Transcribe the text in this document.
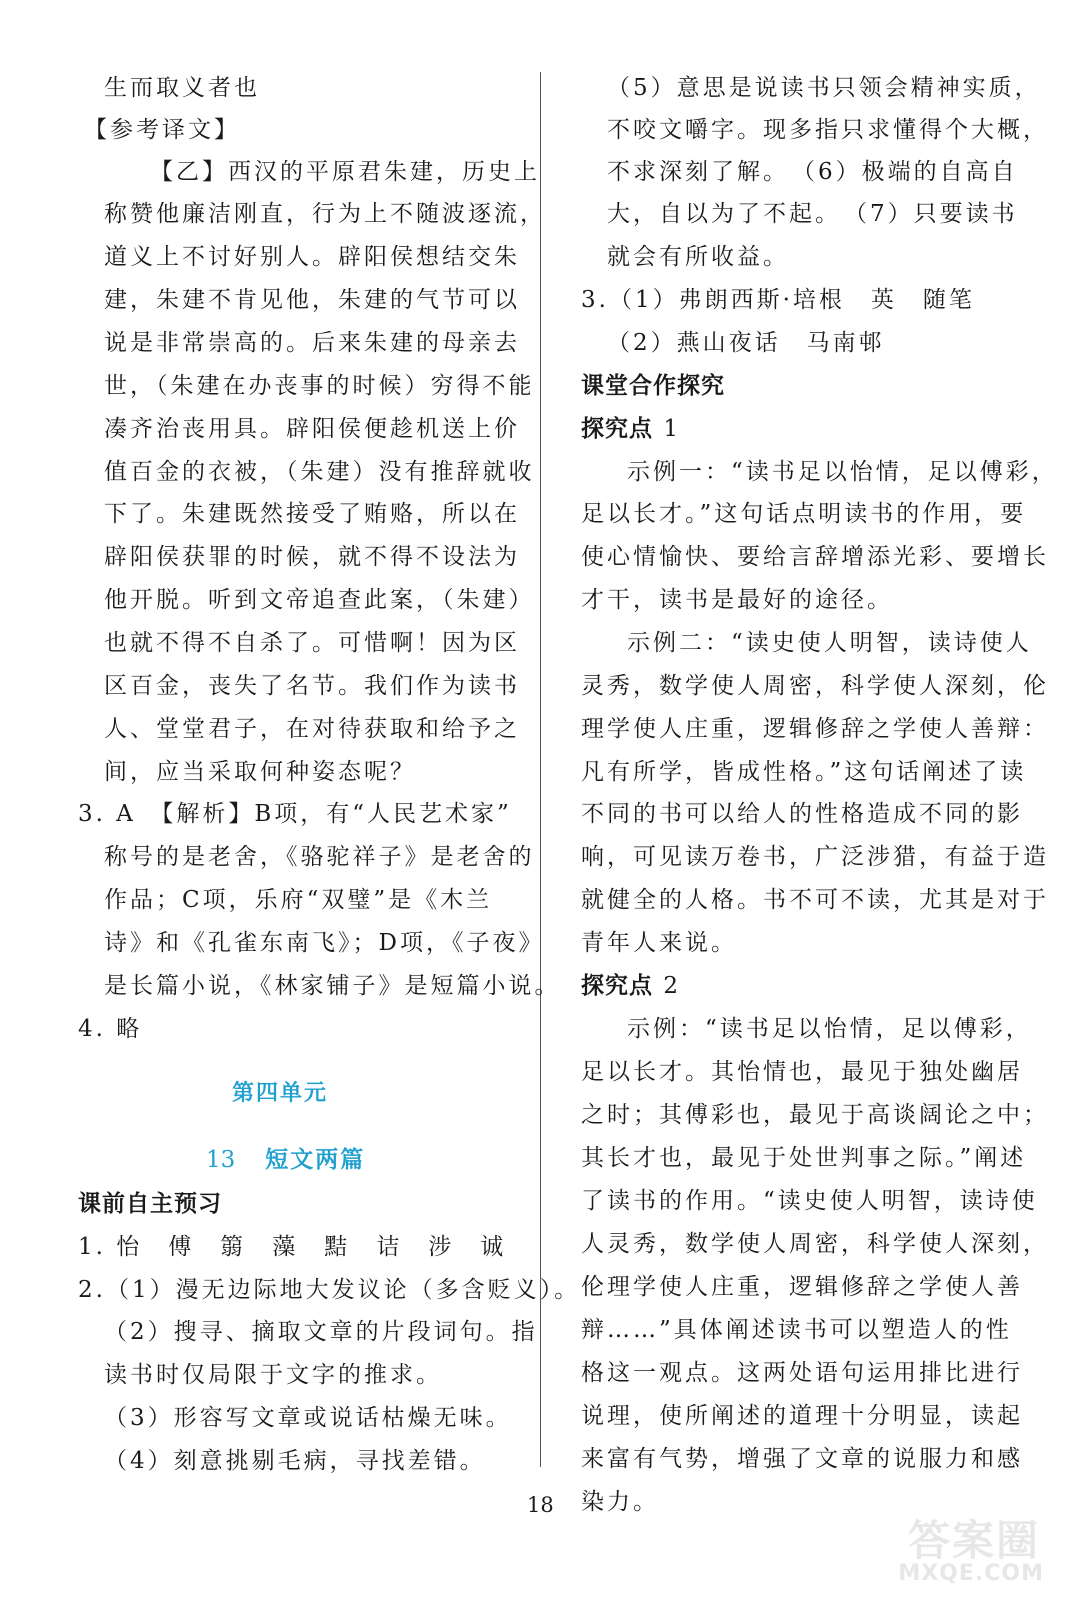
生而取义者也
【参考译文】
【乙】西汉的平原君朱建，历史上
称赞他廉洁刚直，行为上不随波逐流，
道义上不讨好别人。辟阳侯想结交朱
建，朱建不肯见他，朱建的气节可以
说是非常崇高的。后来朱建的母亲去
世，（朱建在办丧事的时候）穷得不能
凑齐治丧用具。辟阳侯便趁机送上价
值百金的衣被，（朱建）没有推辞就收
下了。朱建既然接受了贿赂，所以在
辟阳侯获罪的时候，就不得不设法为
他开脱。听到文帝追查此案，（朱建）
也就不得不自杀了。可惜啊！因为区
区百金，丧失了名节。我们作为读书
人、堂堂君子，在对待获取和给予之
间，应当采取何种姿态呢？
3. A　【解析】B项，有“人民艺术家”
称号的是老舍，《骆驼祥子》是老舍的
作品；C项，乐府“双璧”是《木兰
诗》和《孔雀东南飞》；D项，《子夜》
是长篇小说，《林家铺子》是短篇小说。
4. 略
第四单元
13 短文两篇
课前自主预习
1. 怡　傅　篛　藻　黠　诘　涉　诚
2.（1）漫无边际地大发议论（多含贬义）。
（2）搜寻、摘取文章的片段词句。指
读书时仅局限于文字的推求。
（3）形容写文章或说话枯燥无味。
（4）刻意挑剔毛病，寻找差错。
（5）意思是说读书只领会精神实质，
不咬文嚼字。现多指只求懂得个大概，
不求深刻了解。　（6）极端的自高自
大，自以为了不起。　（7）只要读书
就会有所收益。
3.（1）弗朗西斯·培根　英　随笔
（2）燕山夜话　马南邨
课堂合作探究
探究点 1
示例一：“读书足以怡情，足以傅彩，
足以长才。”这句话点明读书的作用，要
使心情愉快、要给言辞增添光彩、要增长
才干，读书是最好的途径。
示例二：“读史使人明智，读诗使人
灵秀，数学使人周密，科学使人深刻，伦
理学使人庄重，逻辑修辞之学使人善辩：
凡有所学，皆成性格。”这句话阐述了读
不同的书可以给人的性格造成不同的影
响，可见读万卷书，广泛涉猎，有益于造
就健全的人格。书不可不读，尤其是对于
青年人来说。
探究点 2
示例：“读书足以怡情，足以傅彩，
足以长才。其怡情也，最见于独处幽居
之时；其傅彩也，最见于高谈阔论之中；
其长才也，最见于处世判事之际。”阐述
了读书的作用。“读史使人明智，读诗使
人灵秀，数学使人周密，科学使人深刻，
伦理学使人庄重，逻辑修辞之学使人善
辩……”具体阐述读书可以塑造人的性
格这一观点。这两处语句运用排比进行
说理，使所阐述的道理十分明显，读起
来富有气势，增强了文章的说服力和感
染力。
18
答案圈
MXQE.COM
